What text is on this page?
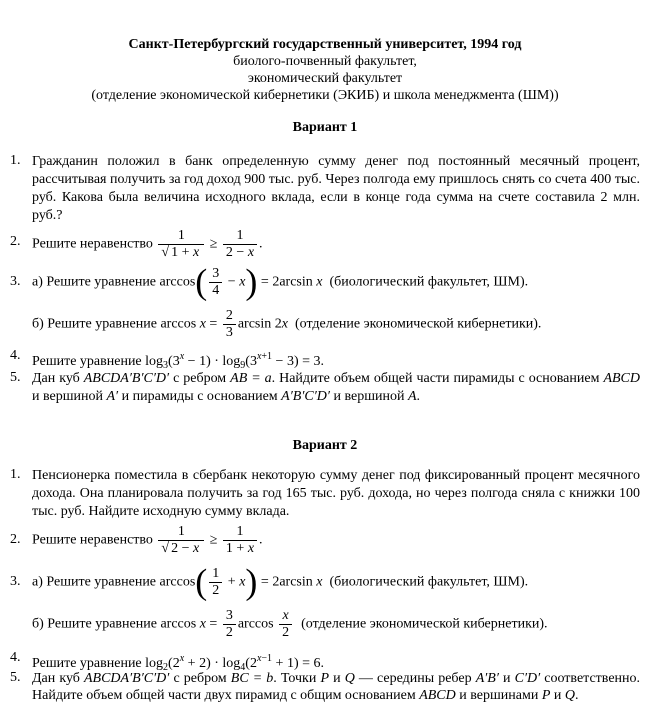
Санкт-Петербургский государственный университет, 1994 год
биолого-почвенный факультет,
экономический факультет
(отделение экономической кибернетики (ЭКИБ) и школа менеджмента (ШМ))
Вариант 1
1. Гражданин положил в банк определенную сумму денег под постоянный месячный процент, рассчитывая получить за год доход 900 тыс. руб. Через полгода ему пришлось снять со счета 400 тыс. руб. Какова была величина исходного вклада, если в конце года сумма на счете составила 2 млн. руб.?
2. Решите неравенство $\frac{1}{√ 1 + x} \ge \frac{1}{2 - x}$ .
3. а) Решите уравнение $\arccos( \frac{3}{4} - x) = 2\arcsin$ x (биологический факультет, ШМ).
б) Решите уравнение $\arccos x = \frac{2}{3}$ arcsin 2x (отделение экономической кибернетики).
4. Решите уравнение $\log_3(3^x - 1) \cdot \log_9(3^{x+1} - 3) = 3$.
5. Дан куб ABCDA′B′C′D′ с ребром AB = a. Найдите объем общей части пирамиды с основанием ABCD и вершиной A′ и пирамиды с основанием A′B′C′D′ и вершиной A.
Вариант 2
1. Пенсионерка поместила в сбербанк некоторую сумму денег под фиксированный процент месячного дохода. Она планировала получить за год 165 тыс. руб. дохода, но через полгода сняла с книжки 100 тыс. руб. Найдите исходную сумму вклада.
2. Решите неравенство $\frac{1}{√ 2 - x} \ge \frac{1}{1 + x}$ .
3. а) Решите уравнение $\arccos( \frac{1}{2} + x) = 2\arcsin$ x (биологический факультет, ШМ).
б) Решите уравнение $\arccos x = \frac{3}{2}$ $\arccos \frac{x}{2}$ (отделение экономической кибернетики).
4. Решите уравнение $\log_2(2^x + 2) \cdot \log_4(2^{x-1} + 1) = 6$.
5. Дан куб ABCDA′B′C′D′ с ребром BC = b. Точки P и Q — середины ребер A′B′ и C′D′ соответственно. Найдите объем общей части двух пирамид с общим основанием ABCD и вершинами P и Q.
